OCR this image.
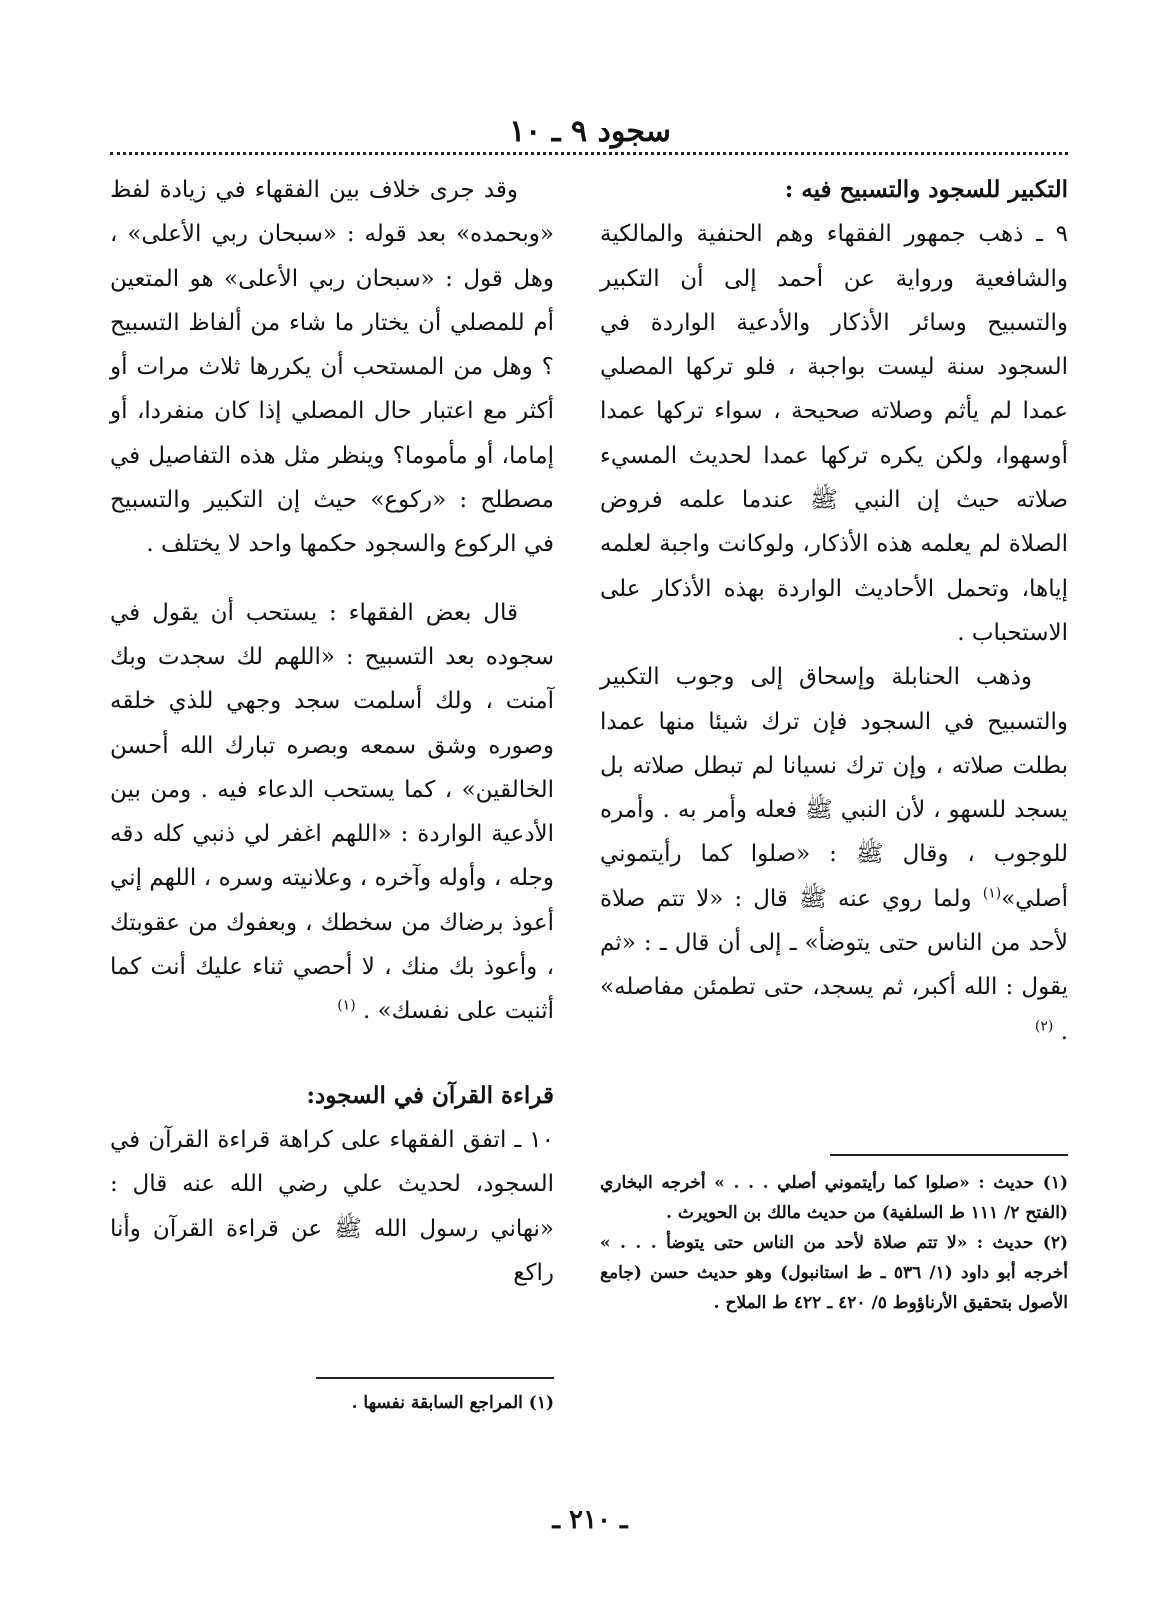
سجود ٩ ـ ١٠

التكبير للسجود والتسبيح فيه :

٩ ـ ذهب جمهور الفقهاء وهم الحنفية والمالكية والشافعية ورواية عن أحمد إلى أن التكبير والتسبيح وسائر الأذكار والأدعية الواردة في السجود سنة ليست بواجبة ، فلو تركها المصلي عمدا لم يأثم وصلاته صحيحة ، سواء تركها عمدا أوسهوا، ولكن يكره تركها عمدا لحديث المسيء صلاته حيث إن النبي ﷺ عندما علمه فروض الصلاة لم يعلمه هذه الأذكار، ولوكانت واجبة لعلمه إياها، وتحمل الأحاديث الواردة بهذه الأذكار على الاستحباب .

وذهب الحنابلة وإسحاق إلى وجوب التكبير والتسبيح في السجود فإن ترك شيئا منها عمدا بطلت صلاته ، وإن ترك نسيانا لم تبطل صلاته بل يسجد للسهو ، لأن النبي ﷺ فعله وأمر به . وأمره للوجوب ، وقال ﷺ : «صلوا كما رأيتموني أصلي»$^{(١)}$ ولما روي عنه ﷺ قال : «لا تتم صلاة لأحد من الناس حتى يتوضأ» ـ إلى أن قال ـ : «ثم يقول : الله أكبر، ثم يسجد، حتى تطمئن مفاصله» . $^{(٢)}$

وقد جرى خلاف بين الفقهاء في زيادة لفظ «وبحمده» بعد قوله : «سبحان ربي الأعلى» ، وهل قول : «سبحان ربي الأعلى» هو المتعين أم للمصلي أن يختار ما شاء من ألفاظ التسبيح ؟ وهل من المستحب أن يكررها ثلاث مرات أو أكثر مع اعتبار حال المصلي إذا كان منفردا، أو إماما، أو مأموما؟ وينظر مثل هذه التفاصيل في مصطلح : «ركوع» حيث إن التكبير والتسبيح في الركوع والسجود حكمها واحد لا يختلف .

قال بعض الفقهاء : يستحب أن يقول في سجوده بعد التسبيح : «اللهم لك سجدت وبك آمنت ، ولك أسلمت سجد وجهي للذي خلقه وصوره وشق سمعه وبصره تبارك الله أحسن الخالقين» ، كما يستحب الدعاء فيه . ومن بين الأدعية الواردة : «اللهم اغفر لي ذنبي كله دقه وجله ، وأوله وآخره ، وعلانيته وسره ، اللهم إني أعوذ برضاك من سخطك ، وبعفوك من عقوبتك ، وأعوذ بك منك ، لا أحصي ثناء عليك أنت كما أثنيت على نفسك» . $^{(١)}$

قراءة القرآن في السجود:

١٠ ـ اتفق الفقهاء على كراهة قراءة القرآن في السجود، لحديث علي رضي الله عنه قال : «نهاني رسول الله ﷺ عن قراءة القرآن وأنا راكع

(١) حديث : «صلوا كما رأيتموني أصلي . . . » أخرجه البخاري (الفتح ٢/ ١١١ ط السلفية) من حديث مالك بن الحويرث .

(٢) حديث : «لا تتم صلاة لأحد من الناس حتى يتوضأ . . . » أخرجه أبو داود (١/ ٥٣٦ ـ ط استانبول) وهو حديث حسن (جامع الأصول بتحقيق الأرناؤوط ٥/ ٤٢٠ ـ ٤٢٢ ط الملاح .

(١) المراجع السابقة نفسها .

ـ ٢١٠ ـ
